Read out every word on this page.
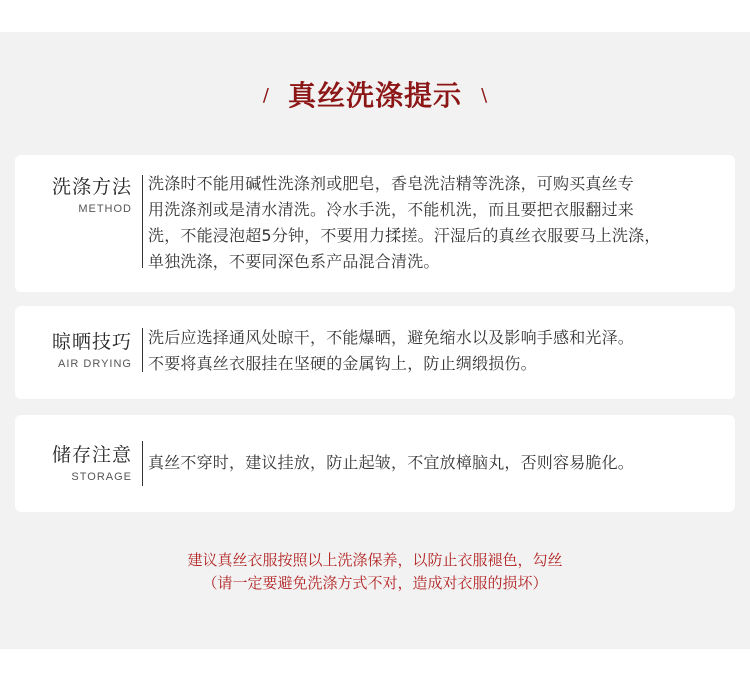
/ 真丝洗涤提示 \
洗涤方法
METHOD
洗涤时不能用碱性洗涤剂或肥皂，香皂洗洁精等洗涤，可购买真丝专
用洗涤剂或是清水清洗。冷水手洗，不能机洗，而且要把衣服翻过来
洗，不能浸泡超5分钟，不要用力揉搓。汗湿后的真丝衣服要马上洗涤，
单独洗涤，不要同深色系产品混合清洗。
晾晒技巧
AIR DRYING
洗后应选择通风处晾干，不能爆晒，避免缩水以及影响手感和光泽。
不要将真丝衣服挂在坚硬的金属钩上，防止绸缎损伤。
储存注意
STORAGE
真丝不穿时，建议挂放，防止起皱，不宜放樟脑丸，否则容易脆化。
建议真丝衣服按照以上洗涤保养，以防止衣服褪色，勾丝
（请一定要避免洗涤方式不对，造成对衣服的损坏）
